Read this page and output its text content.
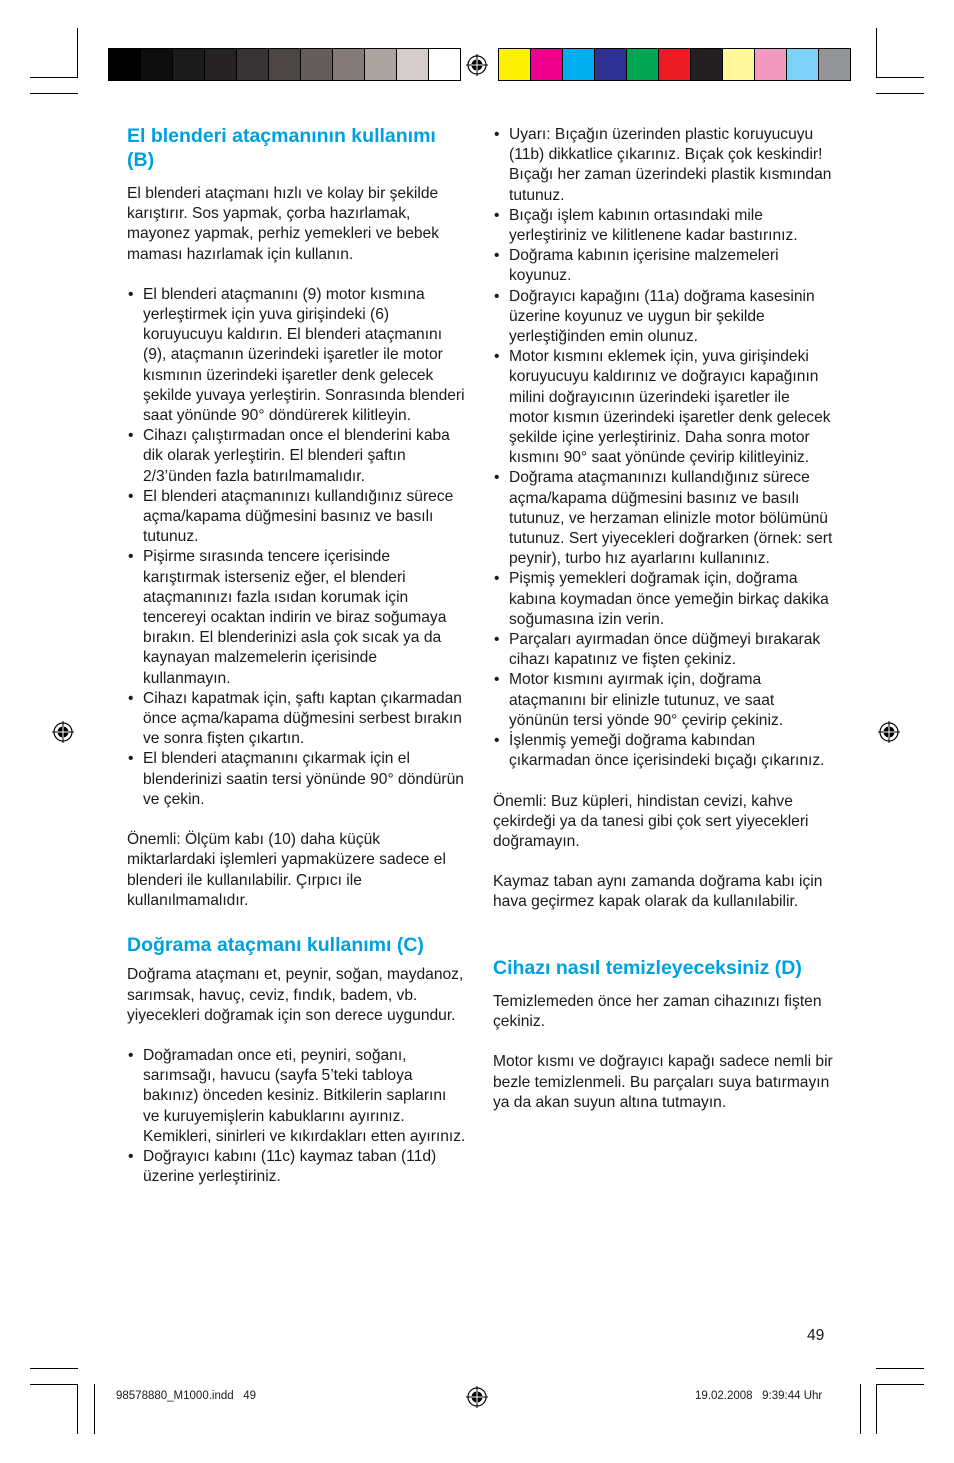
El blenderi ataçmanının kullanımı (B)

El blenderi ataçmanı hızlı ve kolay bir şekilde karıştırır. Sos yapmak, çorba hazırlamak, mayonez yapmak, perhiz yemekleri ve bebek maması hazırlamak için kullanın.

• El blenderi ataçmanını (9) motor kısmına yerleştirmek için yuva girişindeki (6) koruyucuyu kaldırın. El blenderi ataçmanını (9), ataçmanın üzerindeki işaretler ile motor kısmının üzerindeki işaretler denk gelecek şekilde yuvaya yerleştirin. Sonrasında blenderi saat yönünde 90° döndürerek kilitleyin.
• Cihazı çalıştırmadan once el blenderini kaba dik olarak yerleştirin. El blenderi şaftın 2/3’ünden fazla batırılmamalıdır.
• El blenderi ataçmanınızı kullandığınız sürece açma/kapama düğmesini basınız ve basılı tutunuz.
• Pişirme sırasında tencere içerisinde karıştırmak isterseniz eğer, el blenderi ataçmanınızı fazla ısıdan korumak için tencereyi ocaktan indirin ve biraz soğumaya bırakın. El blenderinizi asla çok sıcak ya da kaynayan malzemelerin içerisinde kullanmayın.
• Cihazı kapatmak için, şaftı kaptan çıkarmadan önce açma/kapama düğmesini serbest bırakın ve sonra fişten çıkartın.
• El blenderi ataçmanını çıkarmak için el blenderinizi saatin tersi yönünde 90° döndürün ve çekin.

Önemli: Ölçüm kabı (10) daha küçük miktarlardaki işlemleri yapmaküzere sadece el blenderi ile kullanılabilir. Çırpıcı ile kullanılmamalıdır.

Doğrama ataçmanı kullanımı (C)

Doğrama ataçmanı et, peynir, soğan, maydanoz, sarımsak, havuç, ceviz, fındık, badem, vb. yiyecekleri doğramak için son derece uygundur.

• Doğramadan once eti, peyniri, soğanı, sarımsağı, havucu (sayfa 5’teki tabloya bakınız) önceden kesiniz. Bitkilerin saplarını ve kuruyemişlerin kabuklarını ayırınız. Kemikleri, sinirleri ve kıkırdakları etten ayırınız.
• Doğrayıcı kabını (11c) kaymaz taban (11d) üzerine yerleştiriniz.
• Uyarı: Bıçağın üzerinden plastic koruyucuyu (11b) dikkatlice çıkarınız. Bıçak çok keskindir! Bıçağı her zaman üzerindeki plastik kısmından tutunuz.
• Bıçağı işlem kabının ortasındaki mile yerleştiriniz ve kilitlenene kadar bastırınız.
• Doğrama kabının içerisine malzemeleri koyunuz.
• Doğrayıcı kapağını (11a) doğrama kasesinin üzerine koyunuz ve uygun bir şekilde yerleştiğinden emin olunuz.
• Motor kısmını eklemek için, yuva girişindeki koruyucuyu kaldırınız ve doğrayıcı kapağının milini doğrayıcının üzerindeki işaretler ile motor kısmın üzerindeki işaretler denk gelecek şekilde içine yerleştiriniz. Daha sonra motor kısmını 90° saat yönünde çevirip kilitleyiniz.
• Doğrama ataçmanınızı kullandığınız sürece açma/kapama düğmesini basınız ve basılı tutunuz, ve herzaman elinizle motor bölümünü tutunuz. Sert yiyecekleri doğrarken (örnek: sert peynir), turbo hız ayarlarını kullanınız.
• Pişmiş yemekleri doğramak için, doğrama kabına koymadan önce yemeğin birkaç dakika soğumasına izin verin.
• Parçaları ayırmadan önce düğmeyi bırakarak cihazı kapatınız ve fişten çekiniz.
• Motor kısmını ayırmak için, doğrama ataçmanını bir elinizle tutunuz, ve saat yönünün tersi yönde 90° çevirip çekiniz.
• İşlenmiş yemeği doğrama kabından çıkarmadan önce içerisindeki bıçağı çıkarınız.

Önemli: Buz küpleri, hindistan cevizi, kahve çekirdeği ya da tanesi gibi çok sert yiyecekleri doğramayın.

Kaymaz taban aynı zamanda doğrama kabı için hava geçirmez kapak olarak da kullanılabilir.

Cihazı nasıl temizleyeceksiniz (D)

Temizlemeden önce her zaman cihazınızı fişten çekiniz.

Motor kısmı ve doğrayıcı kapağı sadece nemli bir bezle temizlenmeli. Bu parçaları suya batırmayın ya da akan suyun altına tutmayın.

49
98578880_M1000.indd   49	19.02.2008   9:39:44 Uhr
